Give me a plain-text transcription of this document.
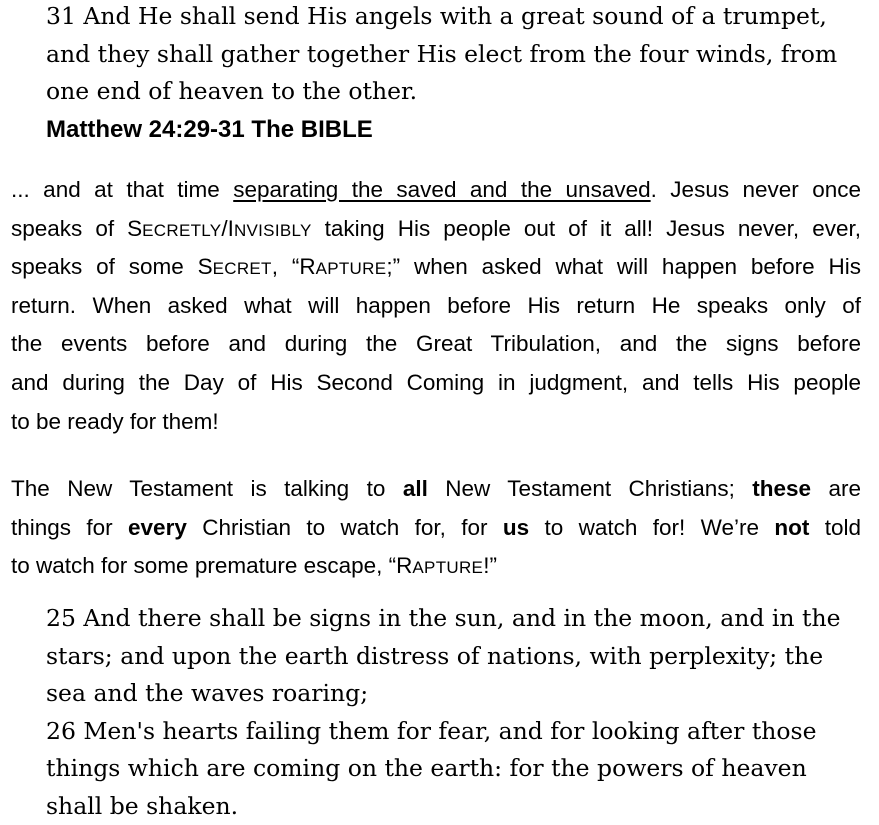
31 And He shall send His angels with a great sound of a trumpet,
and they shall gather together His elect from the four winds, from
one end of heaven to the other.
Matthew 24:29-31 The BIBLE
... and at that time separating the saved and the unsaved. Jesus never once
speaks of SECRETLY/INVISIBLY taking His people out of it all! Jesus never, ever,
speaks of some SECRET, “RAPTURE;” when asked what will happen before His
return. When asked what will happen before His return He speaks only of
the events before and during the Great Tribulation, and the signs before
and during the Day of His Second Coming in judgment, and tells His people
to be ready for them!
The New Testament is talking to all New Testament Christians; these are
things for every Christian to watch for, for us to watch for! We’re not told
to watch for some premature escape, “RAPTURE!”
25 And there shall be signs in the sun, and in the moon, and in the
stars; and upon the earth distress of nations, with perplexity; the
sea and the waves roaring;
26 Men's hearts failing them for fear, and for looking after those
things which are coming on the earth: for the powers of heaven
shall be shaken.
